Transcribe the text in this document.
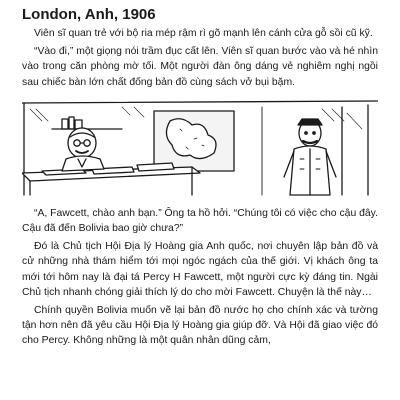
London, Anh, 1906

Viên sĩ quan trẻ với bộ ria mép rậm rì gõ mạnh lên cánh cửa gỗ sồi cũ kỹ.

“Vào đi,” một giọng nói trầm đục cất lên. Viên sĩ quan bước vào và hé nhìn vào trong căn phòng mờ tối. Một người đàn ông dáng vẻ nghiêm nghị ngồi sau chiếc bàn lớn chất đống bản đồ cùng sách vở bụi bặm.

“A, Fawcett, chào anh bạn.” Ông ta hồ hởi. “Chúng tôi có việc cho cậu đây. Cậu đã đến Bolivia bao giờ chưa?”

Đó là Chủ tịch Hội Địa lý Hoàng gia Anh quốc, nơi chuyên lập bản đồ và cử những nhà thám hiểm tới mọi ngóc ngách của thế giới. Vị khách ông ta mới tới hôm nay là đại tá Percy H Fawcett, một người cực kỳ đáng tin. Ngài Chủ tịch nhanh chóng giải thích lý do cho mời Fawcett. Chuyện là thế này…

Chính quyền Bolivia muốn vẽ lại bản đồ nước họ cho chính xác và tường tận hơn nên đã yêu cầu Hội Địa lý Hoàng gia giúp đỡ. Và Hội đã giao việc đó cho Percy. Không những là một quân nhân dũng cảm,
